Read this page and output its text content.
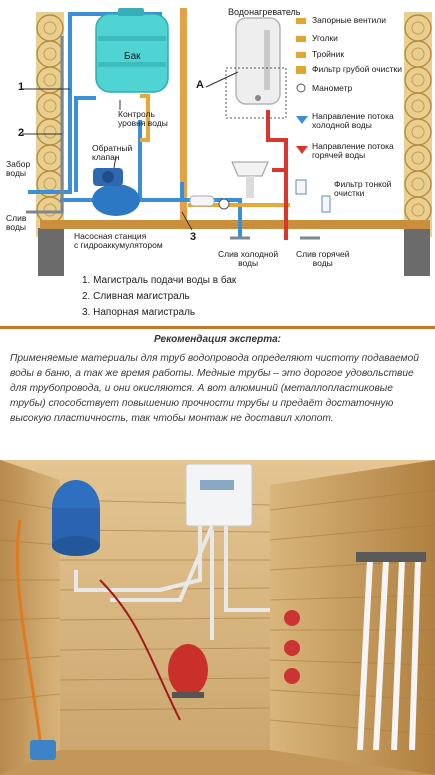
Водонагреватель
Бак
Контроль
уровня воды
Обратный
клапан
Насосная станция
с гидроаккумулятором
Забор
воды
Слив
воды
Слив холодной
воды
Слив горячей
воды
1
2
3
A
Запорные вентили
Уголки
Тройник
Фильтр грубой очистки
Манометр
Направление потока
холодной воды
Направление потока
горячей воды
Фильтр тонкой
очистки
1. Магистраль подачи воды в бак
2. Сливная магистраль
3. Напорная магистраль
Рекомендация эксперта:
Применяемые материалы для труб водопровода определяют чистоту подаваемой воды в баню, а так же время работы. Медные трубы – это дорогое удовольствие для трубопровода, и они окисляются. А вот алюминий (металлопластиковые трубы) способствует повышению прочности трубы и предаёт достаточную высокую пластичность, так чтобы монтаж не доставил хлопот.
